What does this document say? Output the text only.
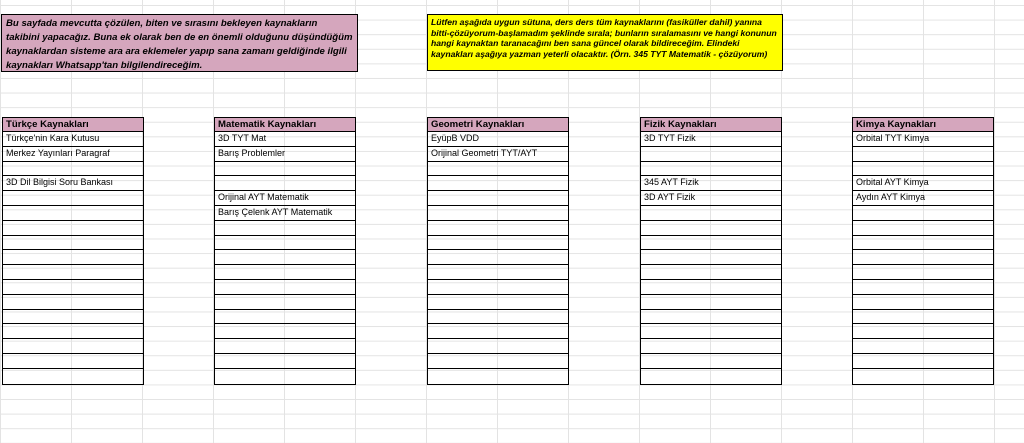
Bu sayfada mevcutta çözülen, biten ve sırasını bekleyen kaynakların takibini yapacağız. Buna ek olarak ben de en önemli olduğunu düşündüğüm kaynaklardan sisteme ara ara eklemeler yapıp sana zamanı geldiğinde ilgili kaynakları Whatsapp'tan bilgilendireceğim.
Lütfen aşağıda uygun sütuna, ders ders tüm kaynaklarını (fasiküller dahil) yanına bitti-çözüyorum-başlamadım şeklinde sırala; bunların sıralamasını ve hangi konunun hangi kaynaktan taranacağını ben sana güncel olarak bildireceğim. Elindeki kaynakları aşağıya yazman yeterli olacaktır. (Örn. 345 TYT Matematik - çözüyorum)
Türkçe Kaynakları
Türkçe'nin Kara Kutusu
Merkez Yayınları Paragraf
3D Dil Bilgisi Soru Bankası
Matematik Kaynakları
3D TYT Mat
Barış Problemler
Orijinal AYT Matematik
Barış Çelenk AYT Matematik
Geometri Kaynakları
EyüpB VDD
Orijinal Geometri TYT/AYT
Fizik Kaynakları
3D TYT Fizik
345 AYT Fizik
3D AYT Fizik
Kimya Kaynakları
Orbital TYT Kimya
Orbital AYT Kimya
Aydın AYT Kimya
